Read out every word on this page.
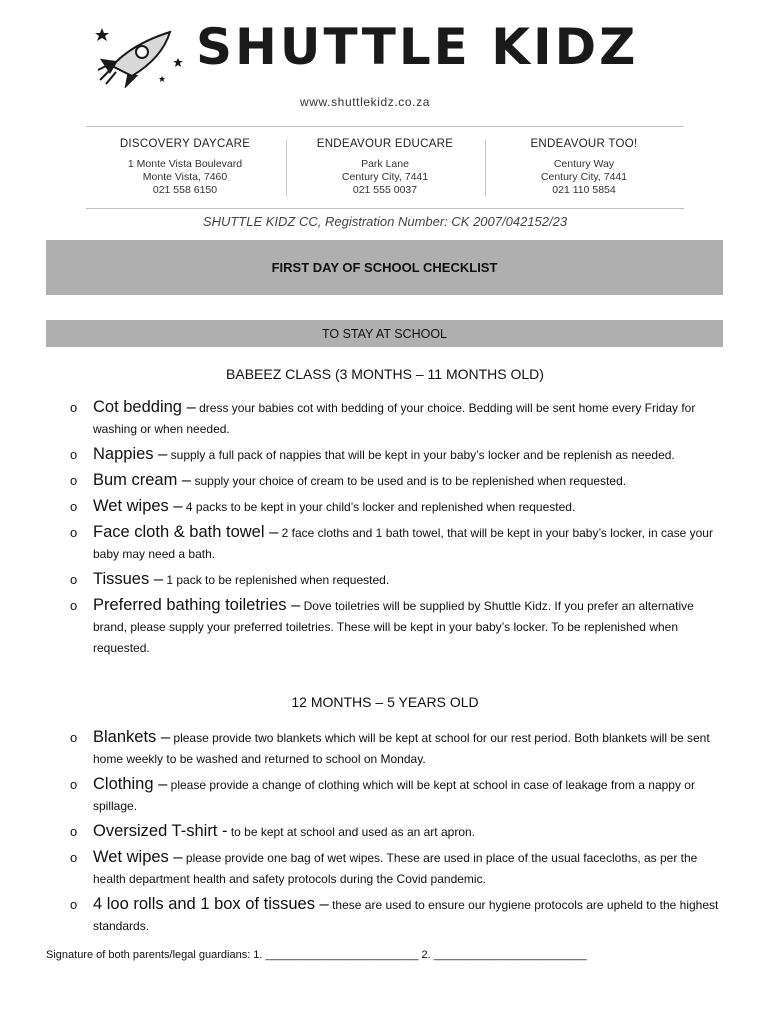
SHUTTLE KIDZ
www.shuttlekidz.co.za
DISCOVERY DAYCARE
1 Monte Vista Boulevard
Monte Vista, 7460
021 558 6150
ENDEAVOUR EDUCARE
Park Lane
Century City, 7441
021 555 0037
ENDEAVOUR TOO!
Century Way
Century City, 7441
021 110 5854
SHUTTLE KIDZ CC, Registration Number: CK 2007/042152/23
FIRST DAY OF SCHOOL CHECKLIST
TO STAY AT SCHOOL
BABEEZ CLASS (3 MONTHS – 11 MONTHS OLD)
o Cot bedding – dress your babies cot with bedding of your choice. Bedding will be sent home every Friday for washing or when needed.
o Nappies – supply a full pack of nappies that will be kept in your baby’s locker and be replenish as needed.
o Bum cream – supply your choice of cream to be used and is to be replenished when requested.
o Wet wipes – 4 packs to be kept in your child’s locker and replenished when requested.
o Face cloth & bath towel – 2 face cloths and 1 bath towel, that will be kept in your baby’s locker, in case your baby may need a bath.
o Tissues – 1 pack to be replenished when requested.
o Preferred bathing toiletries – Dove toiletries will be supplied by Shuttle Kidz. If you prefer an alternative brand, please supply your preferred toiletries. These will be kept in your baby’s locker. To be replenished when requested.
12 MONTHS – 5 YEARS OLD
o Blankets – please provide two blankets which will be kept at school for our rest period. Both blankets will be sent home weekly to be washed and returned to school on Monday.
o Clothing – please provide a change of clothing which will be kept at school in case of leakage from a nappy or spillage.
o Oversized T-shirt - to be kept at school and used as an art apron.
o Wet wipes – please provide one bag of wet wipes. These are used in place of the usual facecloths, as per the health department health and safety protocols during the Covid pandemic.
o 4 loo rolls and 1 box of tissues – these are used to ensure our hygiene protocols are upheld to the highest standards.
Signature of both parents/legal guardians: 1. _________________________ 2. _________________________
